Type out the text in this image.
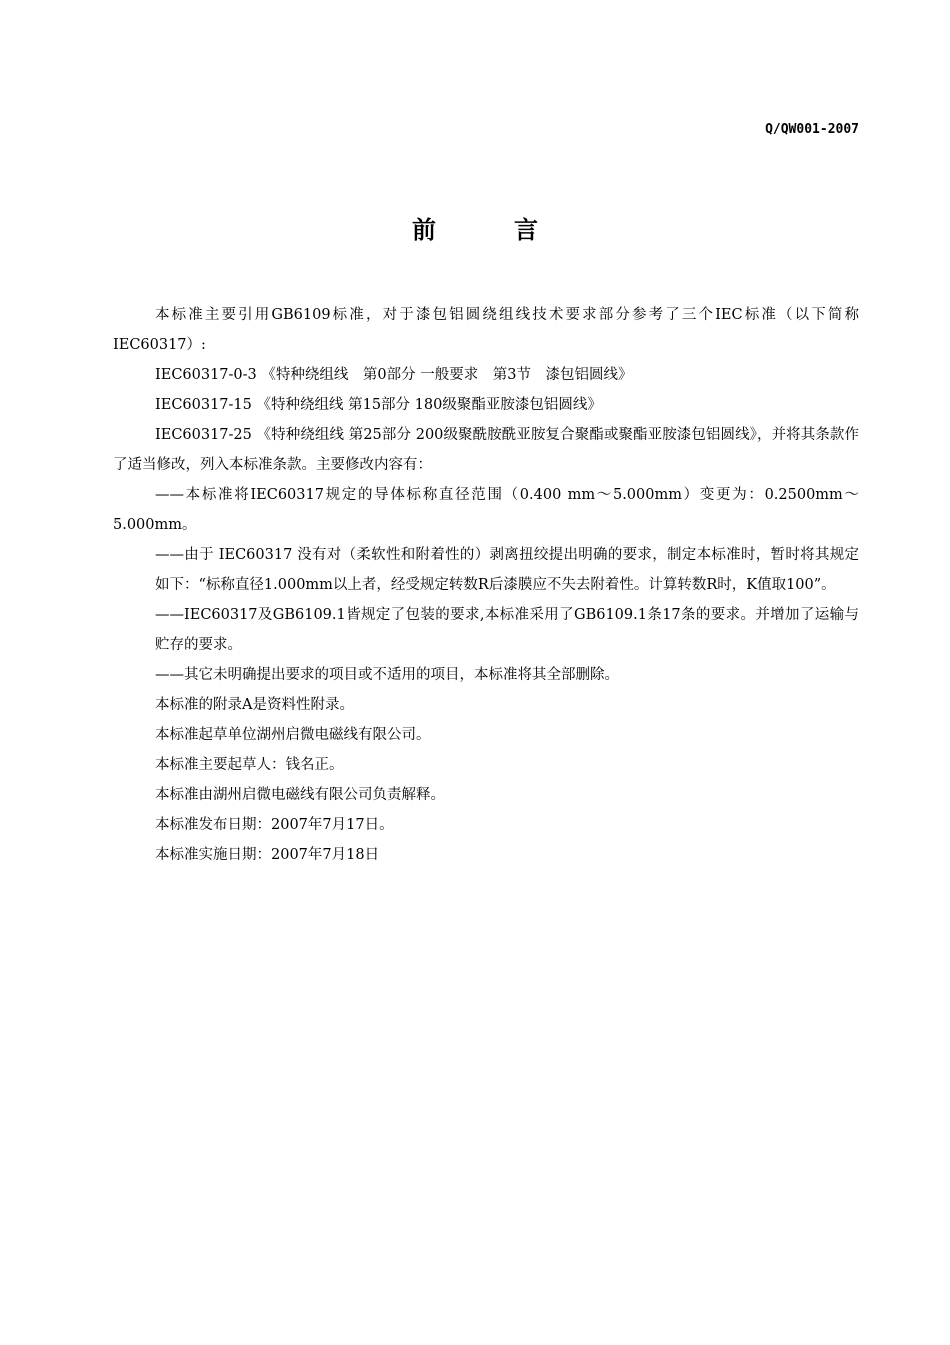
Q/QW001-2007
前言

本标准主要引用GB6109标准，对于漆包铝圆绕组线技术要求部分参考了三个IEC标准（以下简称IEC60317）:

IEC60317-0-3 《特种绕组线　第0部分 一般要求　第3节　漆包铝圆线》

IEC60317-15 《特种绕组线 第15部分 180级聚酯亚胺漆包铝圆线》

IEC60317-25 《特种绕组线 第25部分 200级聚酰胺酰亚胺复合聚酯或聚酯亚胺漆包铝圆线》，并将其条款作了适当修改，列入本标准条款。主要修改内容有：

——本标准将IEC60317规定的导体标称直径范围（0.400 mm～5.000mm）变更为：0.2500mm～5.000mm。

——由于 IEC60317 没有对（柔软性和附着性的）剥离扭绞提出明确的要求，制定本标准时，暂时将其规定如下：“标称直径1.000mm以上者，经受规定转数R后漆膜应不失去附着性。计算转数R时，K值取100”。

——IEC60317及GB6109.1皆规定了包装的要求,本标准采用了GB6109.1条17条的要求。并增加了运输与贮存的要求。

——其它未明确提出要求的项目或不适用的项目，本标准将其全部删除。

本标准的附录A是资料性附录。

本标准起草单位湖州启微电磁线有限公司。

本标准主要起草人：钱名正。

本标准由湖州启微电磁线有限公司负责解释。

本标准发布日期：2007年7月17日。

本标准实施日期：2007年7月18日
